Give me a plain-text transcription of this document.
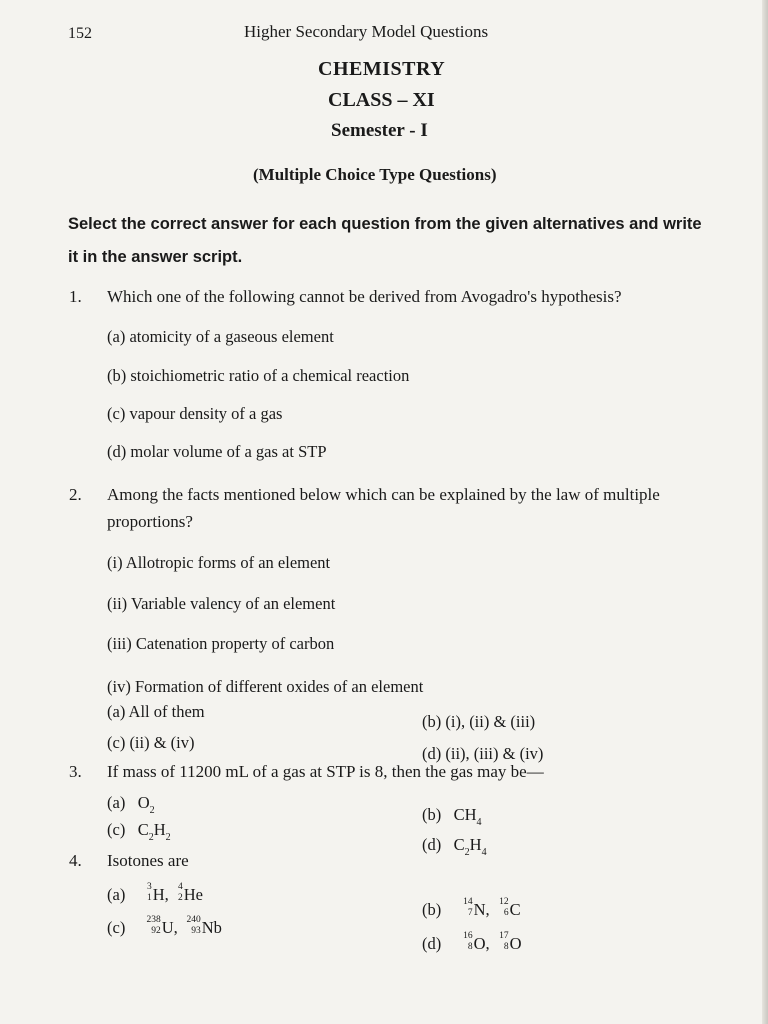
152	Higher Secondary Model Questions
CHEMISTRY
CLASS – XI
Semester - I
(Multiple Choice Type Questions)
Select the correct answer for each question from the given alternatives and write
it in the answer script.
1. Which one of the following cannot be derived from Avogadro's hypothesis?
(a) atomicity of a gaseous element
(b) stoichiometric ratio of a chemical reaction
(c) vapour density of a gas
(d) molar volume of a gas at STP
2. Among the facts mentioned below which can be explained by the law of multiple
proportions?
(i) Allotropic forms of an element
(ii) Variable valency of an element
(iii) Catenation property of carbon
(iv) Formation of different oxides of an element
(a) All of them
(b) (i), (ii) & (iii)
(c) (ii) & (iv)
(d) (ii), (iii) & (iv)
3. If mass of 11200 mL of a gas at STP is 8, then the gas may be—
(a) $O_2$	(b) $CH_4$
(c) $C_2H_2$	(d) $C_2H_4$
4. Isotones are
(a) 3
1 H, 4
2 He
(b) 14
7 N, 12
6 C
(c) 238
92 U, 240
93 Nb
(d) 16
8 O, 17
8 O
